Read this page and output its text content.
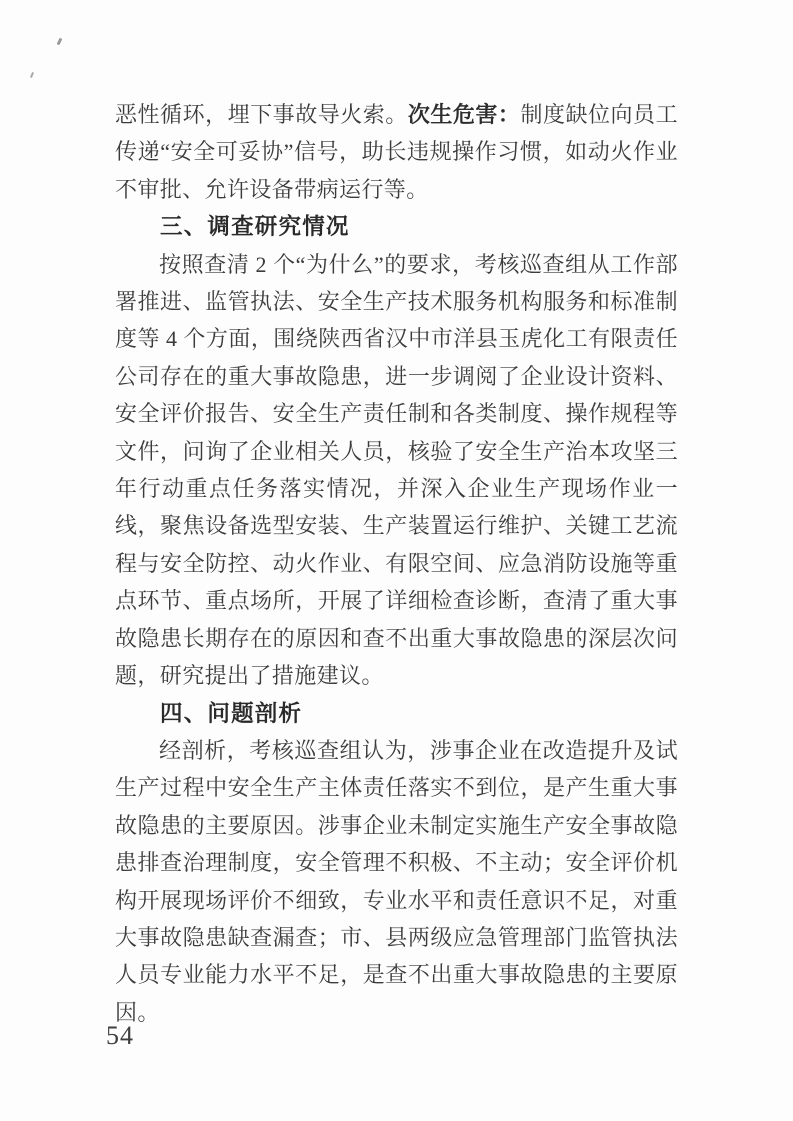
恶性循环，埋下事故导火索。次生危害：制度缺位向员工传递“安全可妥协”信号，助长违规操作习惯，如动火作业不审批、允许设备带病运行等。

三、调查研究情况

按照查清 2 个“为什么”的要求，考核巡查组从工作部署推进、监管执法、安全生产技术服务机构服务和标准制度等 4 个方面，围绕陕西省汉中市洋县玉虎化工有限责任公司存在的重大事故隐患，进一步调阅了企业设计资料、安全评价报告、安全生产责任制和各类制度、操作规程等文件，问询了企业相关人员，核验了安全生产治本攻坚三年行动重点任务落实情况，并深入企业生产现场作业一线，聚焦设备选型安装、生产装置运行维护、关键工艺流程与安全防控、动火作业、有限空间、应急消防设施等重点环节、重点场所，开展了详细检查诊断，查清了重大事故隐患长期存在的原因和查不出重大事故隐患的深层次问题，研究提出了措施建议。

四、问题剖析

经剖析，考核巡查组认为，涉事企业在改造提升及试生产过程中安全生产主体责任落实不到位，是产生重大事故隐患的主要原因。涉事企业未制定实施生产安全事故隐患排查治理制度，安全管理不积极、不主动；安全评价机构开展现场评价不细致，专业水平和责任意识不足，对重大事故隐患缺查漏查；市、县两级应急管理部门监管执法人员专业能力水平不足，是查不出重大事故隐患的主要原因。

54
